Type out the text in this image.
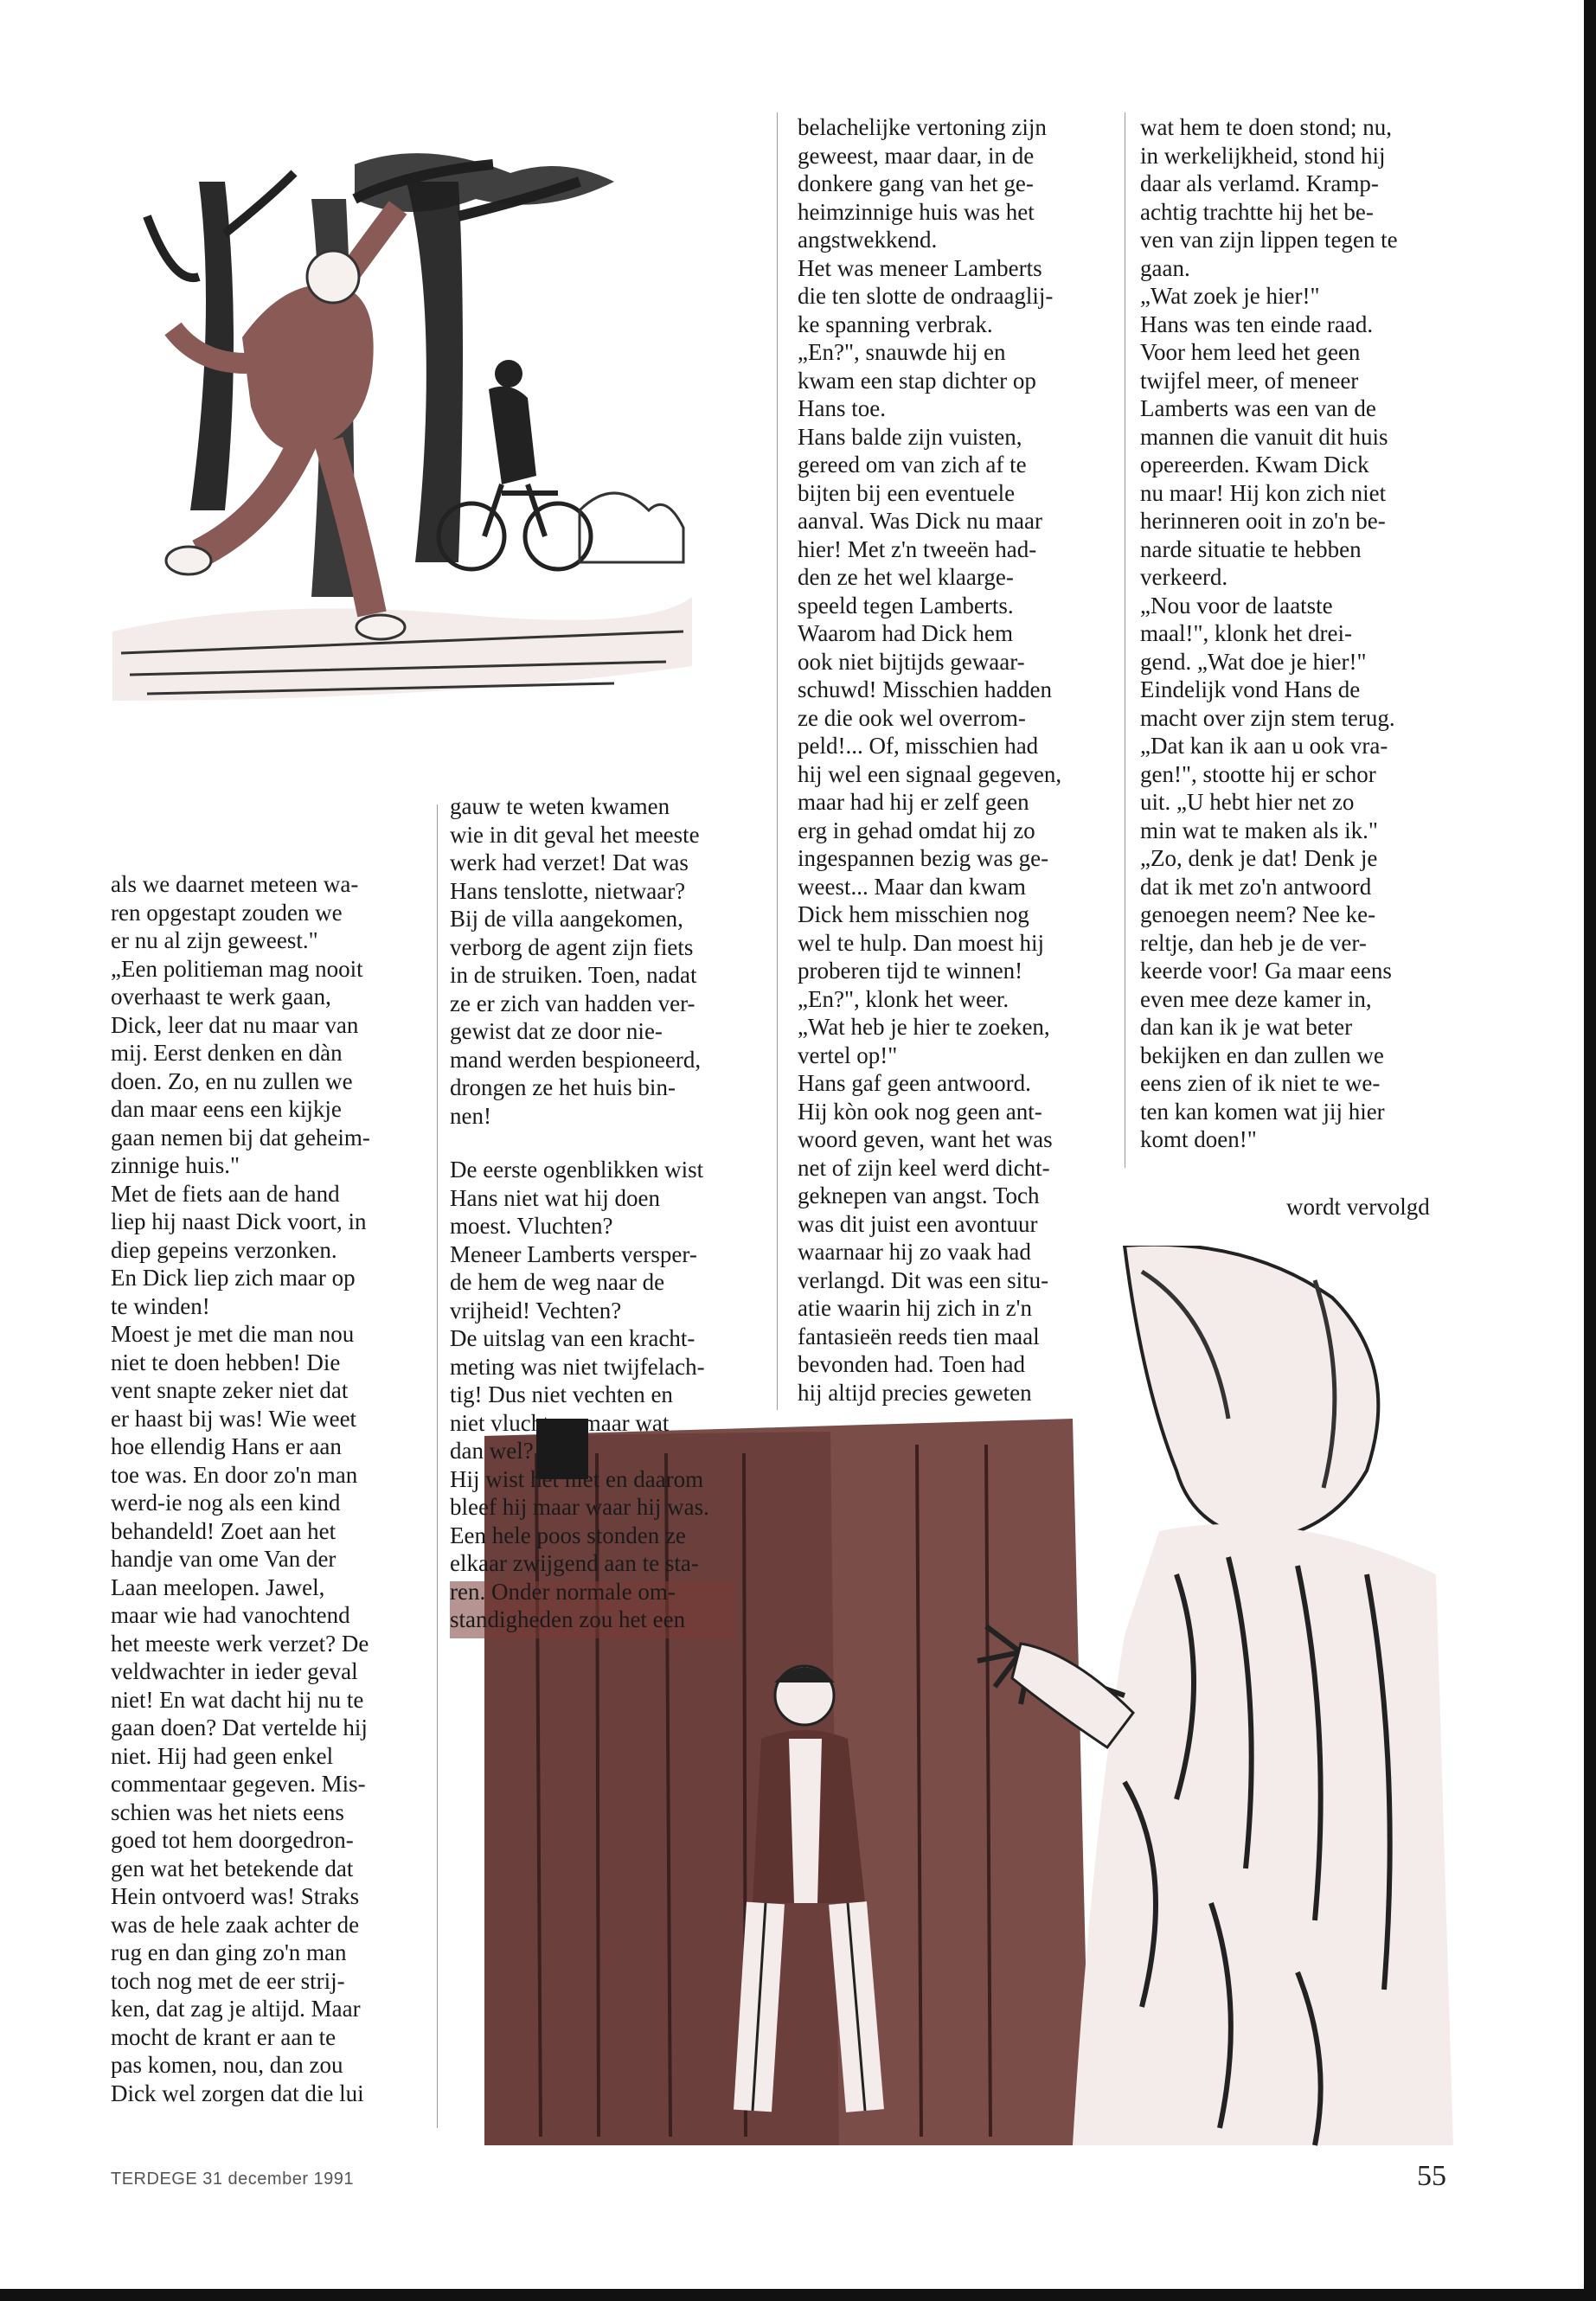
als we daarnet meteen wa-

ren opgestapt zouden we

er nu al zijn geweest."

„Een politieman mag nooit

overhaast te werk gaan,

Dick, leer dat nu maar van

mij. Eerst denken en dàn

doen. Zo, en nu zullen we

dan maar eens een kijkje

gaan nemen bij dat geheim-

zinnige huis."

Met de fiets aan de hand

liep hij naast Dick voort, in

diep gepeins verzonken.

En Dick liep zich maar op

te winden!

Moest je met die man nou

niet te doen hebben! Die

vent snapte zeker niet dat

er haast bij was! Wie weet

hoe ellendig Hans er aan

toe was. En door zo'n man

werd-ie nog als een kind

behandeld! Zoet aan het

handje van ome Van der

Laan meelopen. Jawel,

maar wie had vanochtend

het meeste werk verzet? De

veldwachter in ieder geval

niet! En wat dacht hij nu te

gaan doen? Dat vertelde hij

niet. Hij had geen enkel

commentaar gegeven. Mis-

schien was het niets eens

goed tot hem doorgedron-

gen wat het betekende dat

Hein ontvoerd was! Straks

was de hele zaak achter de

rug en dan ging zo'n man

toch nog met de eer strij-

ken, dat zag je altijd. Maar

mocht de krant er aan te

pas komen, nou, dan zou

Dick wel zorgen dat die lui

gauw te weten kwamen

wie in dit geval het meeste

werk had verzet! Dat was

Hans tenslotte, nietwaar?

Bij de villa aangekomen,

verborg de agent zijn fiets

in de struiken. Toen, nadat

ze er zich van hadden ver-

gewist dat ze door nie-

mand werden bespioneerd,

drongen ze het huis bin-

nen!

De eerste ogenblikken wist

Hans niet wat hij doen

moest. Vluchten?

Meneer Lamberts versper-

de hem de weg naar de

vrijheid! Vechten?

De uitslag van een kracht-

meting was niet twijfelach-

tig! Dus niet vechten en

niet vluchten, maar wat

dan wel?

Hij wist het niet en daarom

bleef hij maar waar hij was.

Een hele poos stonden ze

elkaar zwijgend aan te sta-

ren. Onder normale om-

standigheden zou het een

belachelijke vertoning zijn

geweest, maar daar, in de

donkere gang van het ge-

heimzinnige huis was het

angstwekkend.

Het was meneer Lamberts

die ten slotte de ondraaglij-

ke spanning verbrak.

„En?", snauwde hij en

kwam een stap dichter op

Hans toe.

Hans balde zijn vuisten,

gereed om van zich af te

bijten bij een eventuele

aanval. Was Dick nu maar

hier! Met z'n tweeën had-

den ze het wel klaarge-

speeld tegen Lamberts.

Waarom had Dick hem

ook niet bijtijds gewaar-

schuwd! Misschien hadden

ze die ook wel overrom-

peld!... Of, misschien had

hij wel een signaal gegeven,

maar had hij er zelf geen

erg in gehad omdat hij zo

ingespannen bezig was ge-

weest... Maar dan kwam

Dick hem misschien nog

wel te hulp. Dan moest hij

proberen tijd te winnen!

„En?", klonk het weer.

„Wat heb je hier te zoeken,

vertel op!"

Hans gaf geen antwoord.

Hij kòn ook nog geen ant-

woord geven, want het was

net of zijn keel werd dicht-

geknepen van angst. Toch

was dit juist een avontuur

waarnaar hij zo vaak had

verlangd. Dit was een situ-

atie waarin hij zich in z'n

fantasieën reeds tien maal

bevonden had. Toen had

hij altijd precies geweten

wat hem te doen stond; nu,

in werkelijkheid, stond hij

daar als verlamd. Kramp-

achtig trachtte hij het be-

ven van zijn lippen tegen te

gaan.

„Wat zoek je hier!"

Hans was ten einde raad.

Voor hem leed het geen

twijfel meer, of meneer

Lamberts was een van de

mannen die vanuit dit huis

opereerden. Kwam Dick

nu maar! Hij kon zich niet

herinneren ooit in zo'n be-

narde situatie te hebben

verkeerd.

„Nou voor de laatste

maal!", klonk het drei-

gend. „Wat doe je hier!"

Eindelijk vond Hans de

macht over zijn stem terug.

„Dat kan ik aan u ook vra-

gen!", stootte hij er schor

uit. „U hebt hier net zo

min wat te maken als ik."

„Zo, denk je dat! Denk je

dat ik met zo'n antwoord

genoegen neem? Nee ke-

reltje, dan heb je de ver-

keerde voor! Ga maar eens

even mee deze kamer in,

dan kan ik je wat beter

bekijken en dan zullen we

eens zien of ik niet te we-

ten kan komen wat jij hier

komt doen!"

wordt vervolgd
TERDEGE 31 december 1991	55
